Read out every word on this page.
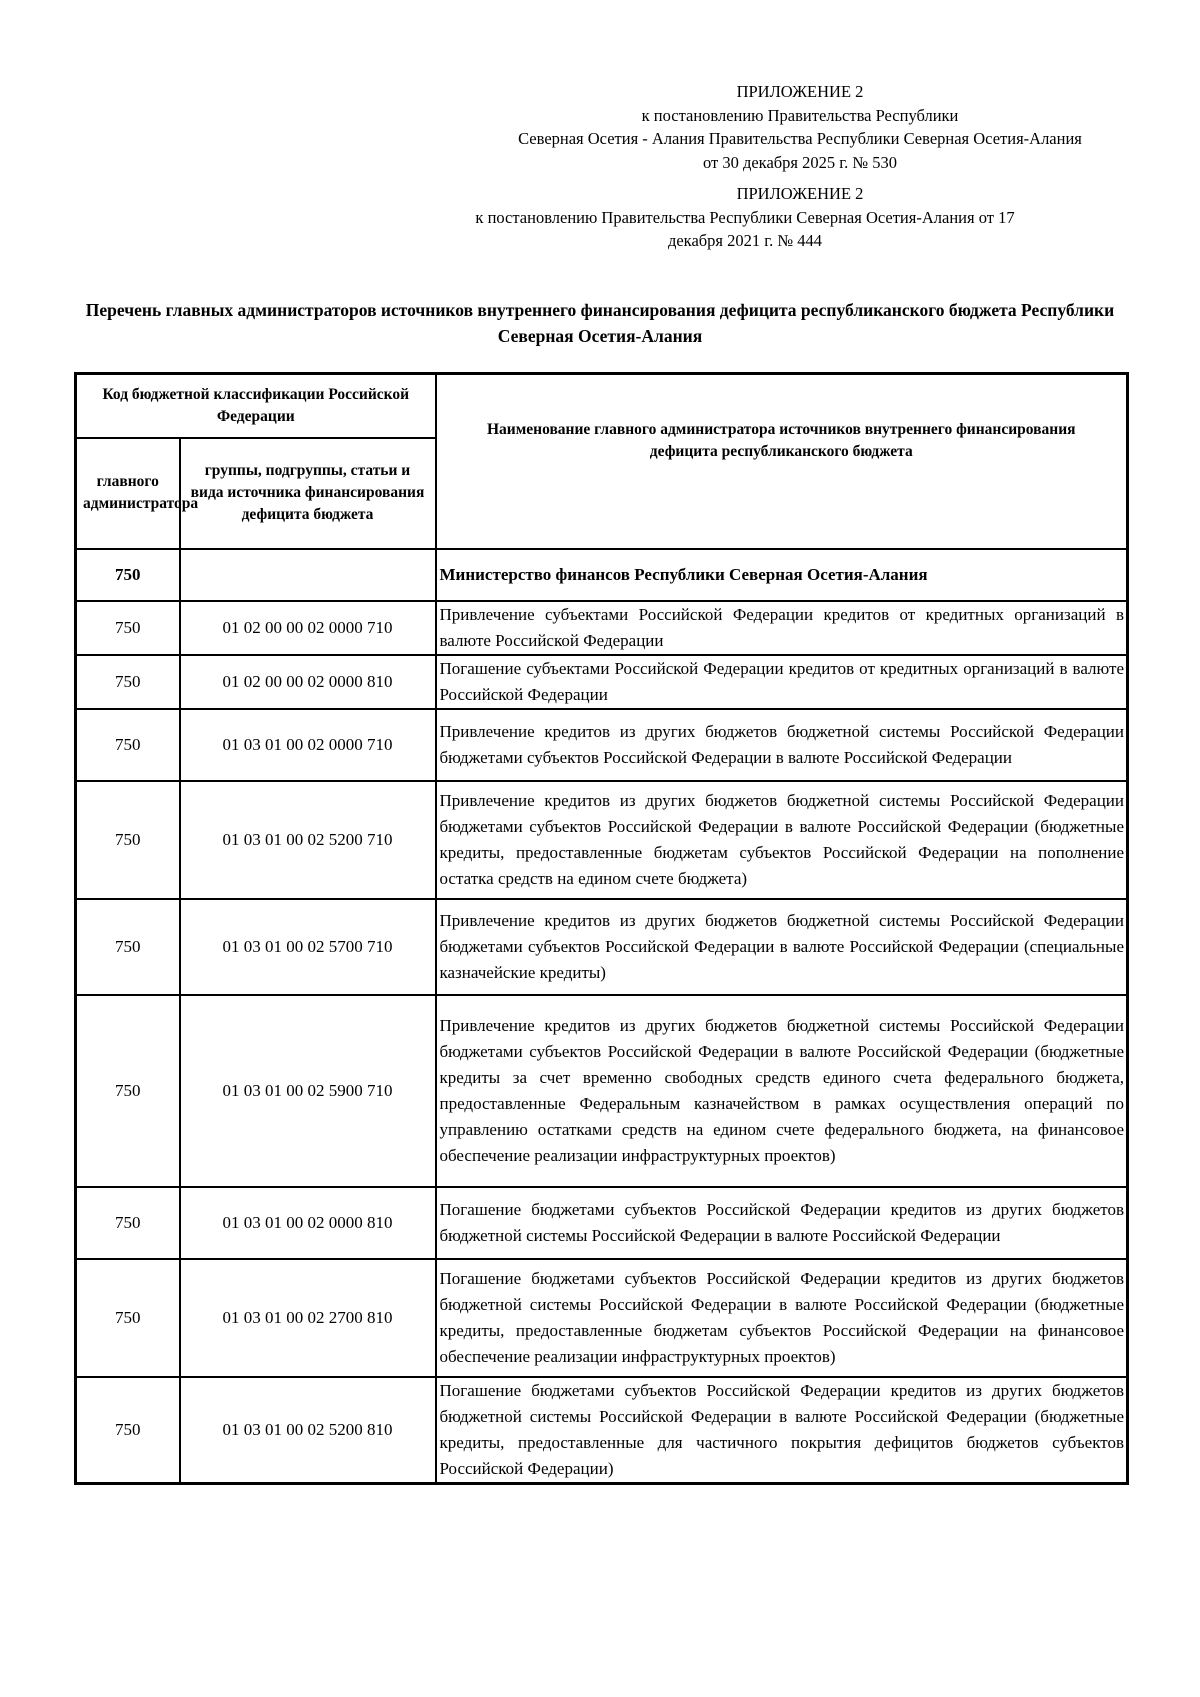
ПРИЛОЖЕНИЕ 2
к постановлению Правительства Республики
Северная Осетия - Алания Правительства Республики Северная Осетия-Алания
от 30 декабря 2025 г. № 530
ПРИЛОЖЕНИЕ 2
к постановлению Правительства Республики Северная Осетия-Алания от 17 декабря 2021 г. № 444
Перечень главных администраторов источников внутреннего финансирования дефицита республиканского бюджета Республики Северная Осетия-Алания
Код бюджетной классификации Российской Федерации		Наименование главного администратора источников внутреннего финансирования дефицита республиканского бюджета
главного администратора	группы, подгруппы, статьи и вида источника финансирования дефицита бюджета	
750		Министерство финансов Республики Северная Осетия-Алания
750	01 02 00 00 02 0000 710	Привлечение субъектами Российской Федерации кредитов от кредитных организаций в валюте Российской Федерации
750	01 02 00 00 02 0000 810	Погашение субъектами Российской Федерации кредитов от кредитных организаций в валюте Российской Федерации
750	01 03 01 00 02 0000 710	Привлечение кредитов из других бюджетов бюджетной системы Российской Федерации бюджетами субъектов Российской Федерации в валюте Российской Федерации
750	01 03 01 00 02 5200 710	Привлечение кредитов из других бюджетов бюджетной системы Российской Федерации бюджетами субъектов Российской Федерации в валюте Российской Федерации (бюджетные кредиты, предоставленные бюджетам субъектов Российской Федерации на пополнение остатка средств на едином счете бюджета)
750	01 03 01 00 02 5700 710	Привлечение кредитов из других бюджетов бюджетной системы Российской Федерации бюджетами субъектов Российской Федерации в валюте Российской Федерации (специальные казначейские кредиты)
750	01 03 01 00 02 5900 710	Привлечение кредитов из других бюджетов бюджетной системы Российской Федерации бюджетами субъектов Российской Федерации в валюте Российской Федерации (бюджетные кредиты за счет временно свободных средств единого счета федерального бюджета, предоставленные Федеральным казначейством в рамках осуществления операций по управлению остатками средств на едином счете федерального бюджета, на финансовое обеспечение реализации инфраструктурных проектов)
750	01 03 01 00 02 0000 810	Погашение бюджетами субъектов Российской Федерации кредитов из других бюджетов бюджетной системы Российской Федерации в валюте Российской Федерации
750	01 03 01 00 02 2700 810	Погашение бюджетами субъектов Российской Федерации кредитов из других бюджетов бюджетной системы Российской Федерации в валюте Российской Федерации (бюджетные кредиты, предоставленные бюджетам субъектов Российской Федерации на финансовое обеспечение реализации инфраструктурных проектов)
750	01 03 01 00 02 5200 810	Погашение бюджетами субъектов Российской Федерации кредитов из других бюджетов бюджетной системы Российской Федерации в валюте Российской Федерации (бюджетные кредиты, предоставленные для частичного покрытия дефицитов бюджетов субъектов Российской Федерации)
